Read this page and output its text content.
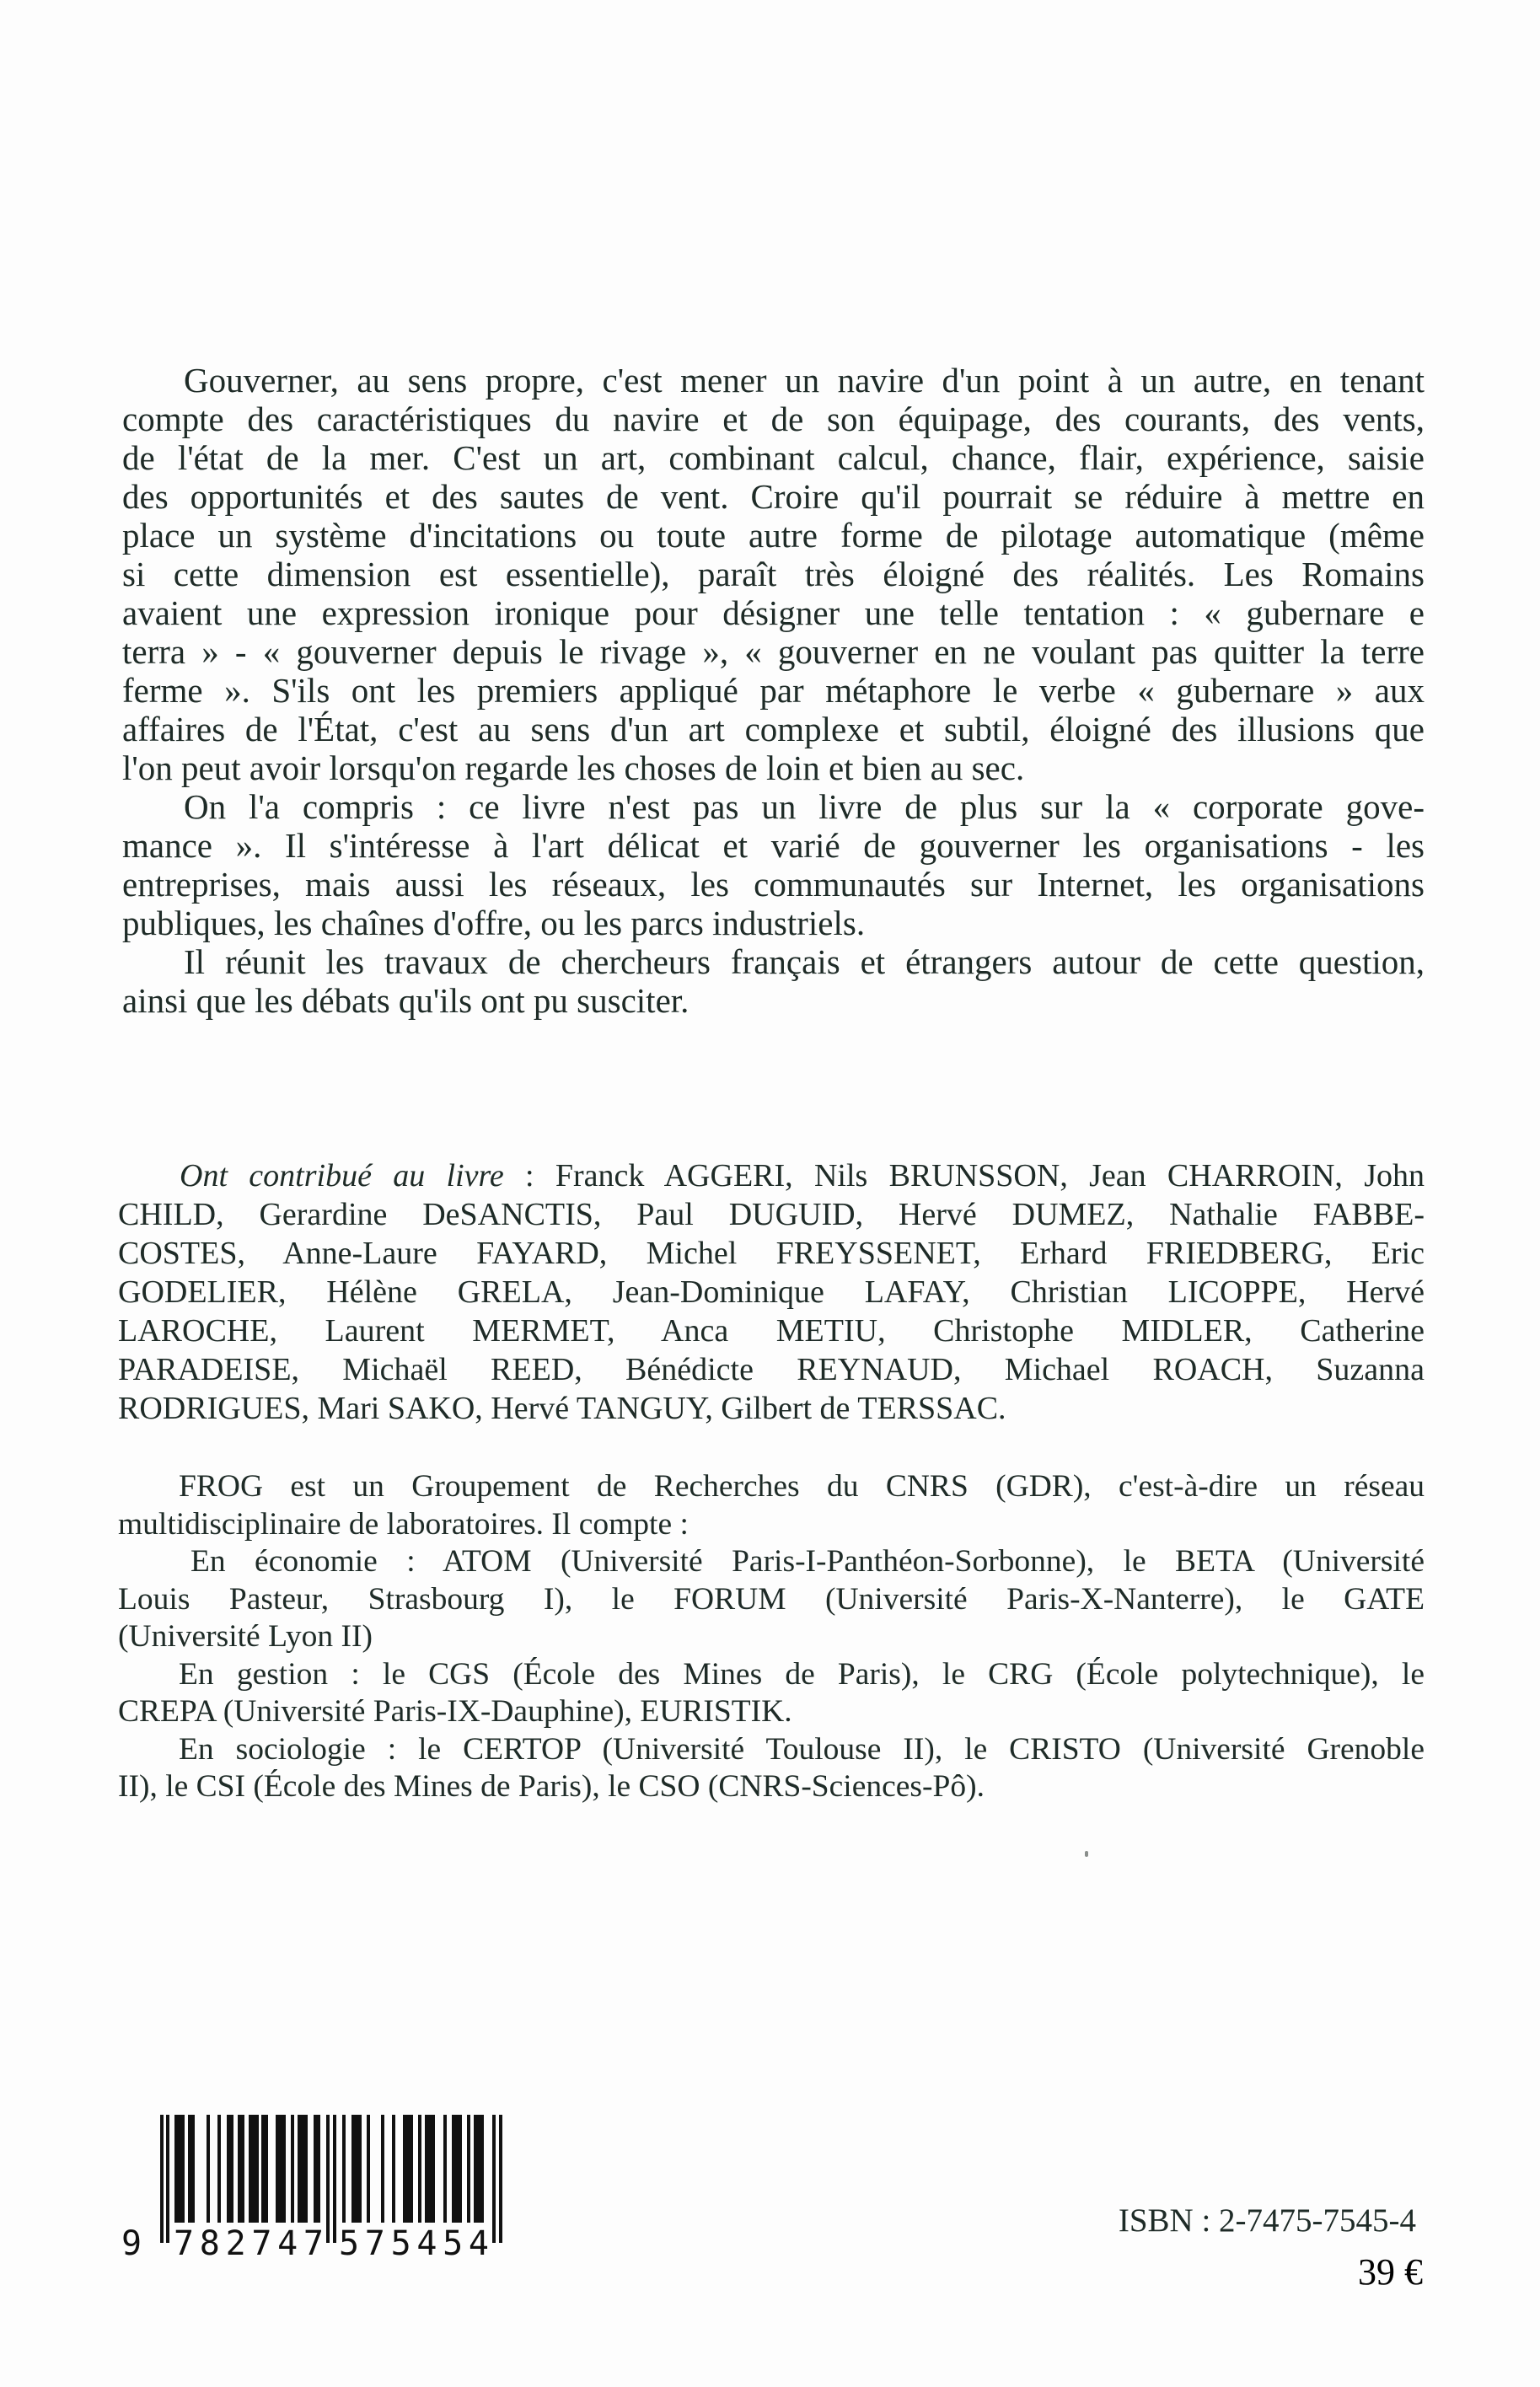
Gouverner, au sens propre, c'est mener un navire d'un point à un autre, en tenant
compte des caractéristiques du navire et de son équipage, des courants, des vents,
de l'état de la mer. C'est un art, combinant calcul, chance, flair, expérience, saisie
des opportunités et des sautes de vent. Croire qu'il pourrait se réduire à mettre en
place un système d'incitations ou toute autre forme de pilotage automatique (même
si cette dimension est essentielle), paraît très éloigné des réalités. Les Romains
avaient une expression ironique pour désigner une telle tentation : « gubernare e
terra » - « gouverner depuis le rivage », « gouverner en ne voulant pas quitter la terre
ferme ». S'ils ont les premiers appliqué par métaphore le verbe « gubernare » aux
affaires de l'État, c'est au sens d'un art complexe et subtil, éloigné des illusions que
l'on peut avoir lorsqu'on regarde les choses de loin et bien au sec.
On l'a compris : ce livre n'est pas un livre de plus sur la « corporate gove-
mance ». Il s'intéresse à l'art délicat et varié de gouverner les organisations - les
entreprises, mais aussi les réseaux, les communautés sur Internet, les organisations
publiques, les chaînes d'offre, ou les parcs industriels.
Il réunit les travaux de chercheurs français et étrangers autour de cette question,
ainsi que les débats qu'ils ont pu susciter.
Ont contribué au livre : Franck AGGERI, Nils BRUNSSON, Jean CHARROIN, John
CHILD, Gerardine DeSANCTIS, Paul DUGUID, Hervé DUMEZ, Nathalie FABBE-
COSTES, Anne-Laure FAYARD, Michel FREYSSENET, Erhard FRIEDBERG, Eric
GODELIER, Hélène GRELA, Jean-Dominique LAFAY, Christian LICOPPE, Hervé
LAROCHE, Laurent MERMET, Anca METIU, Christophe MIDLER, Catherine
PARADEISE, Michaël REED, Bénédicte REYNAUD, Michael ROACH, Suzanna
RODRIGUES, Mari SAKO, Hervé TANGUY, Gilbert de TERSSAC.
FROG est un Groupement de Recherches du CNRS (GDR), c'est-à-dire un réseau
multidisciplinaire de laboratoires. Il compte :
En économie : ATOM (Université Paris-I-Panthéon-Sorbonne), le BETA (Université
Louis Pasteur, Strasbourg I), le FORUM (Université Paris-X-Nanterre), le GATE
(Université Lyon II)
En gestion : le CGS (École des Mines de Paris), le CRG (École polytechnique), le
CREPA (Université Paris-IX-Dauphine), EURISTIK.
En sociologie : le CERTOP (Université Toulouse II), le CRISTO (Université Grenoble
II), le CSI (École des Mines de Paris), le CSO (CNRS-Sciences-Pô).
9 782747 575454
ISBN : 2-7475-7545-4
39 €
